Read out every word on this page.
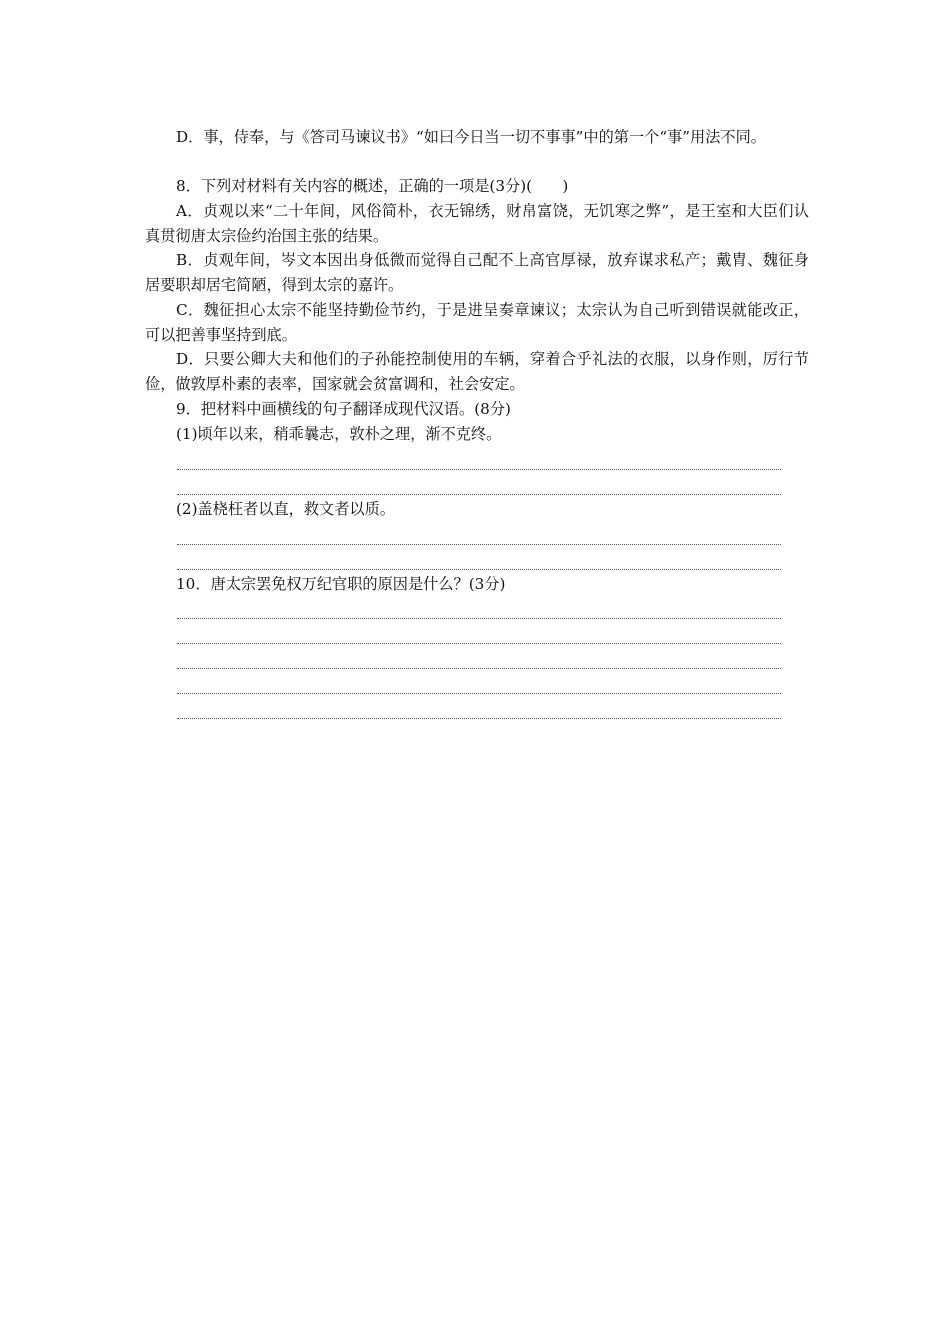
D．事，侍奉，与《答司马谏议书》“如曰今日当一切不事事”中的第一个“事”用法不同。

8．下列对材料有关内容的概述，正确的一项是(3分)(　　)

A．贞观以来“二十年间，风俗简朴，衣无锦绣，财帛富饶，无饥寒之弊”，是王室和大臣们认真贯彻唐太宗俭约治国主张的结果。

B．贞观年间，岑文本因出身低微而觉得自己配不上高官厚禄，放弃谋求私产；戴胄、魏征身居要职却居宅简陋，得到太宗的嘉许。

C．魏征担心太宗不能坚持勤俭节约，于是进呈奏章谏议；太宗认为自己听到错误就能改正，可以把善事坚持到底。

D．只要公卿大夫和他们的子孙能控制使用的车辆，穿着合乎礼法的衣服，以身作则，厉行节俭，做敦厚朴素的表率，国家就会贫富调和，社会安定。

9．把材料中画横线的句子翻译成现代汉语。(8分)

(1)顷年以来，稍乖曩志，敦朴之理，渐不克终。

(2)盖桡枉者以直，救文者以质。

10．唐太宗罢免权万纪官职的原因是什么？(3分)
